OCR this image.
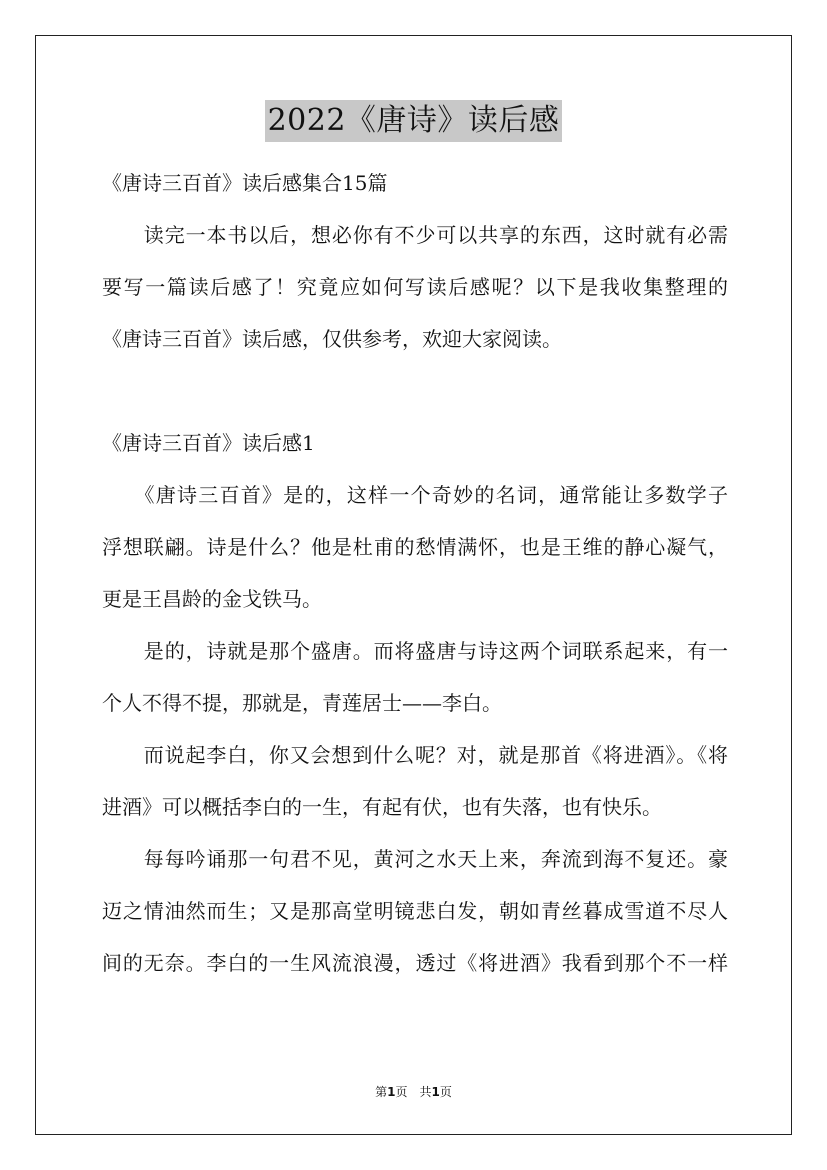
2022《唐诗》读后感
《唐诗三百首》读后感集合15篇
　　读完一本书以后，想必你有不少可以共享的东西，这时就有必需
要写一篇读后感了！究竟应如何写读后感呢？以下是我收集整理的
《唐诗三百首》读后感，仅供参考，欢迎大家阅读。
《唐诗三百首》读后感1
　　《唐诗三百首》是的，这样一个奇妙的名词，通常能让多数学子
浮想联翩。诗是什么？他是杜甫的愁情满怀，也是王维的静心凝气，
更是王昌龄的金戈铁马。
　　是的，诗就是那个盛唐。而将盛唐与诗这两个词联系起来，有一
个人不得不提，那就是，青莲居士——李白。
　　而说起李白，你又会想到什么呢？对，就是那首《将进酒》。《将
进酒》可以概括李白的一生，有起有伏，也有失落，也有快乐。
　　每每吟诵那一句君不见，黄河之水天上来，奔流到海不复还。豪
迈之情油然而生；又是那高堂明镜悲白发，朝如青丝暮成雪道不尽人
间的无奈。李白的一生风流浪漫，透过《将进酒》我看到那个不一样
第1页　共1页
